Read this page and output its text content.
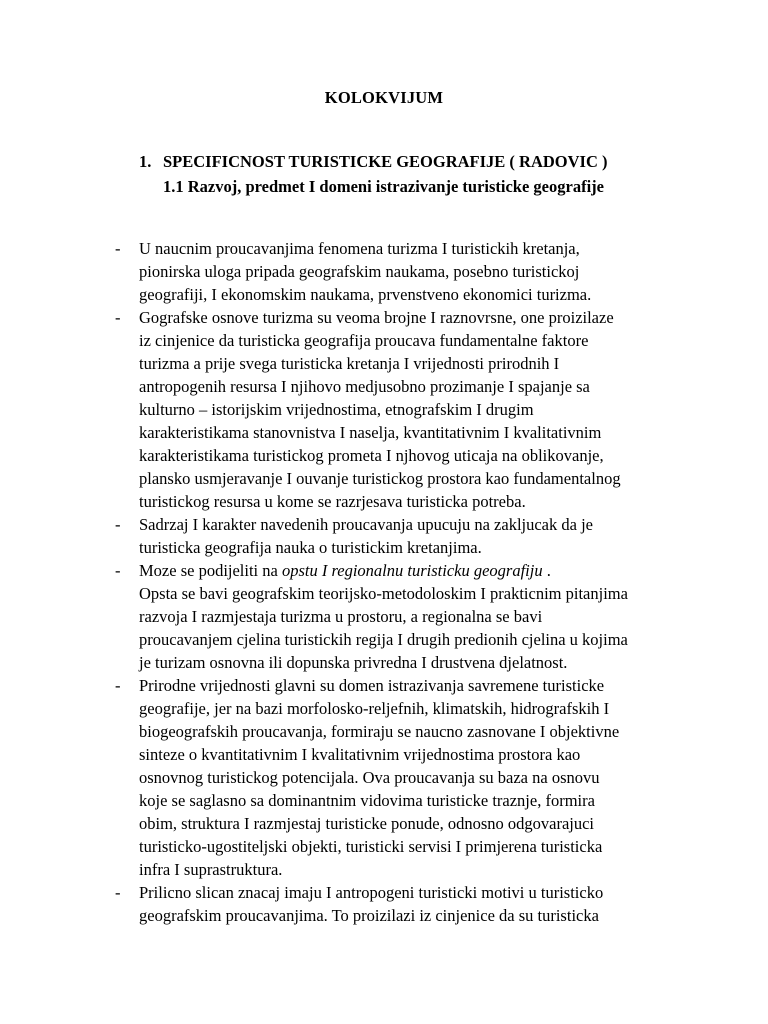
KOLOKVIJUM
1. SPECIFICNOST TURISTICKE GEOGRAFIJE ( RADOVIC )
1.1 Razvoj, predmet I domeni istrazivanje turisticke geografije
- U naucnim proucavanjima fenomena turizma I turistickih kretanja,
pionirska uloga pripada geografskim naukama, posebno turistickoj
geografiji, I ekonomskim naukama, prvenstveno ekonomici turizma.
- Gografske osnove turizma su veoma brojne I raznovrsne, one proizilaze
iz cinjenice da turisticka geografija proucava fundamentalne faktore
turizma a prije svega turisticka kretanja I vrijednosti prirodnih I
antropogenih resursa I njihovo medjusobno prozimanje I spajanje sa
kulturno – istorijskim vrijednostima, etnografskim I drugim
karakteristikama stanovnistva I naselja, kvantitativnim I kvalitativnim
karakteristikama turistickog prometa I njhovog uticaja na oblikovanje,
plansko usmjeravanje I ouvanje turistickog prostora kao fundamentalnog
turistickog resursa u kome se razrjesava turisticka potreba.
- Sadrzaj I karakter navedenih proucavanja upucuju na zakljucak da je
turisticka geografija nauka o turistickim kretanjima.
- Moze se podijeliti na opstu I regionalnu turisticku geografiju .
Opsta se bavi geografskim teorijsko-metodoloskim I prakticnim pitanjima
razvoja I razmjestaja turizma u prostoru, a regionalna se bavi
proucavanjem cjelina turistickih regija I drugih predionih cjelina u kojima
je turizam osnovna ili dopunska privredna I drustvena djelatnost.
- Prirodne vrijednosti glavni su domen istrazivanja savremene turisticke
geografije, jer na bazi morfolosko-reljefnih, klimatskih, hidrografskih I
biogeografskih proucavanja, formiraju se naucno zasnovane I objektivne
sinteze o kvantitativnim I kvalitativnim vrijednostima prostora kao
osnovnog turistickog potencijala. Ova proucavanja su baza na osnovu
koje se saglasno sa dominantnim vidovima turisticke traznje, formira
obim, struktura I razmjestaj turisticke ponude, odnosno odgovarajuci
turisticko-ugostiteljski objekti, turisticki servisi I primjerena turisticka
infra I suprastruktura.
- Prilicno slican znacaj imaju I antropogeni turisticki motivi u turisticko
geografskim proucavanjima. To proizilazi iz cinjenice da su turisticka
